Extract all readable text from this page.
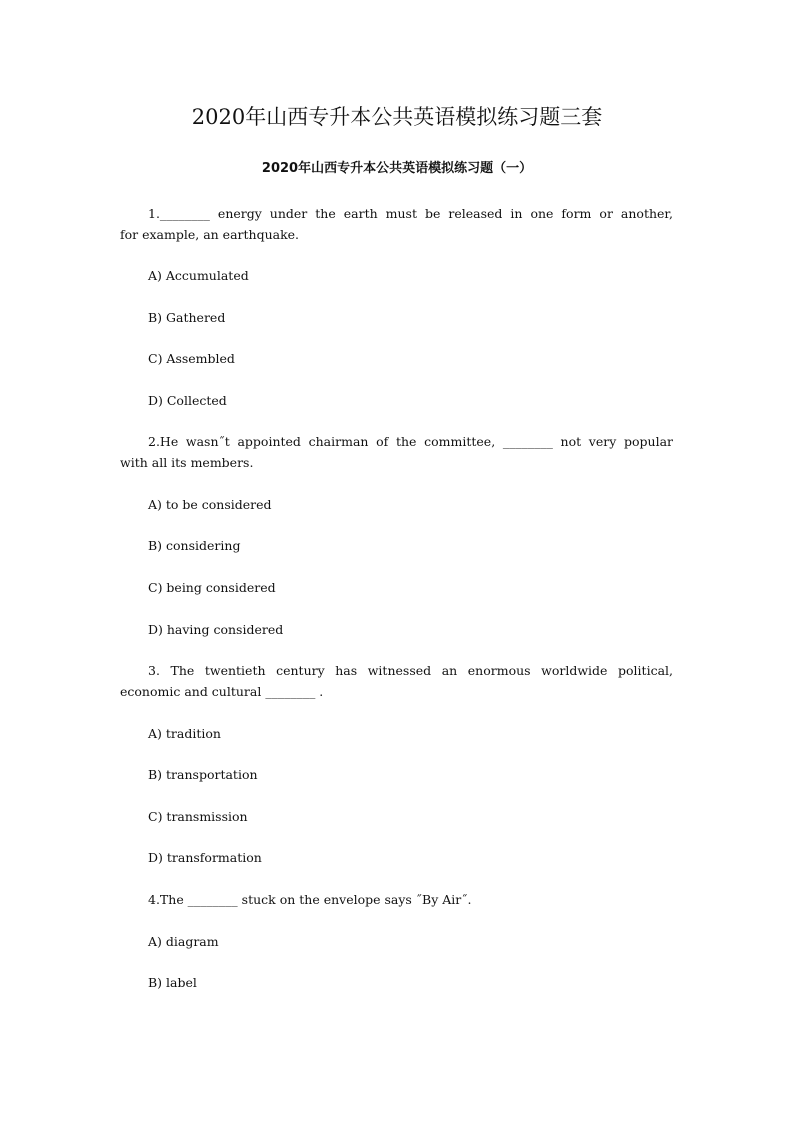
2020年山西专升本公共英语模拟练习题三套
2020年山西专升本公共英语模拟练习题（一）
1.________ energy under the earth must be released in one form or another,
for example, an earthquake.
A) Accumulated
B) Gathered
C) Assembled
D) Collected
2.He wasn˝t appointed chairman of the committee, ________ not very popular
with all its members.
A) to be considered
B) considering
C) being considered
D) having considered
3. The twentieth century has witnessed an enormous worldwide political,
economic and cultural ________ .
A) tradition
B) transportation
C) transmission
D) transformation
4.The ________ stuck on the envelope says ˝By Air˝.
A) diagram
B) label
